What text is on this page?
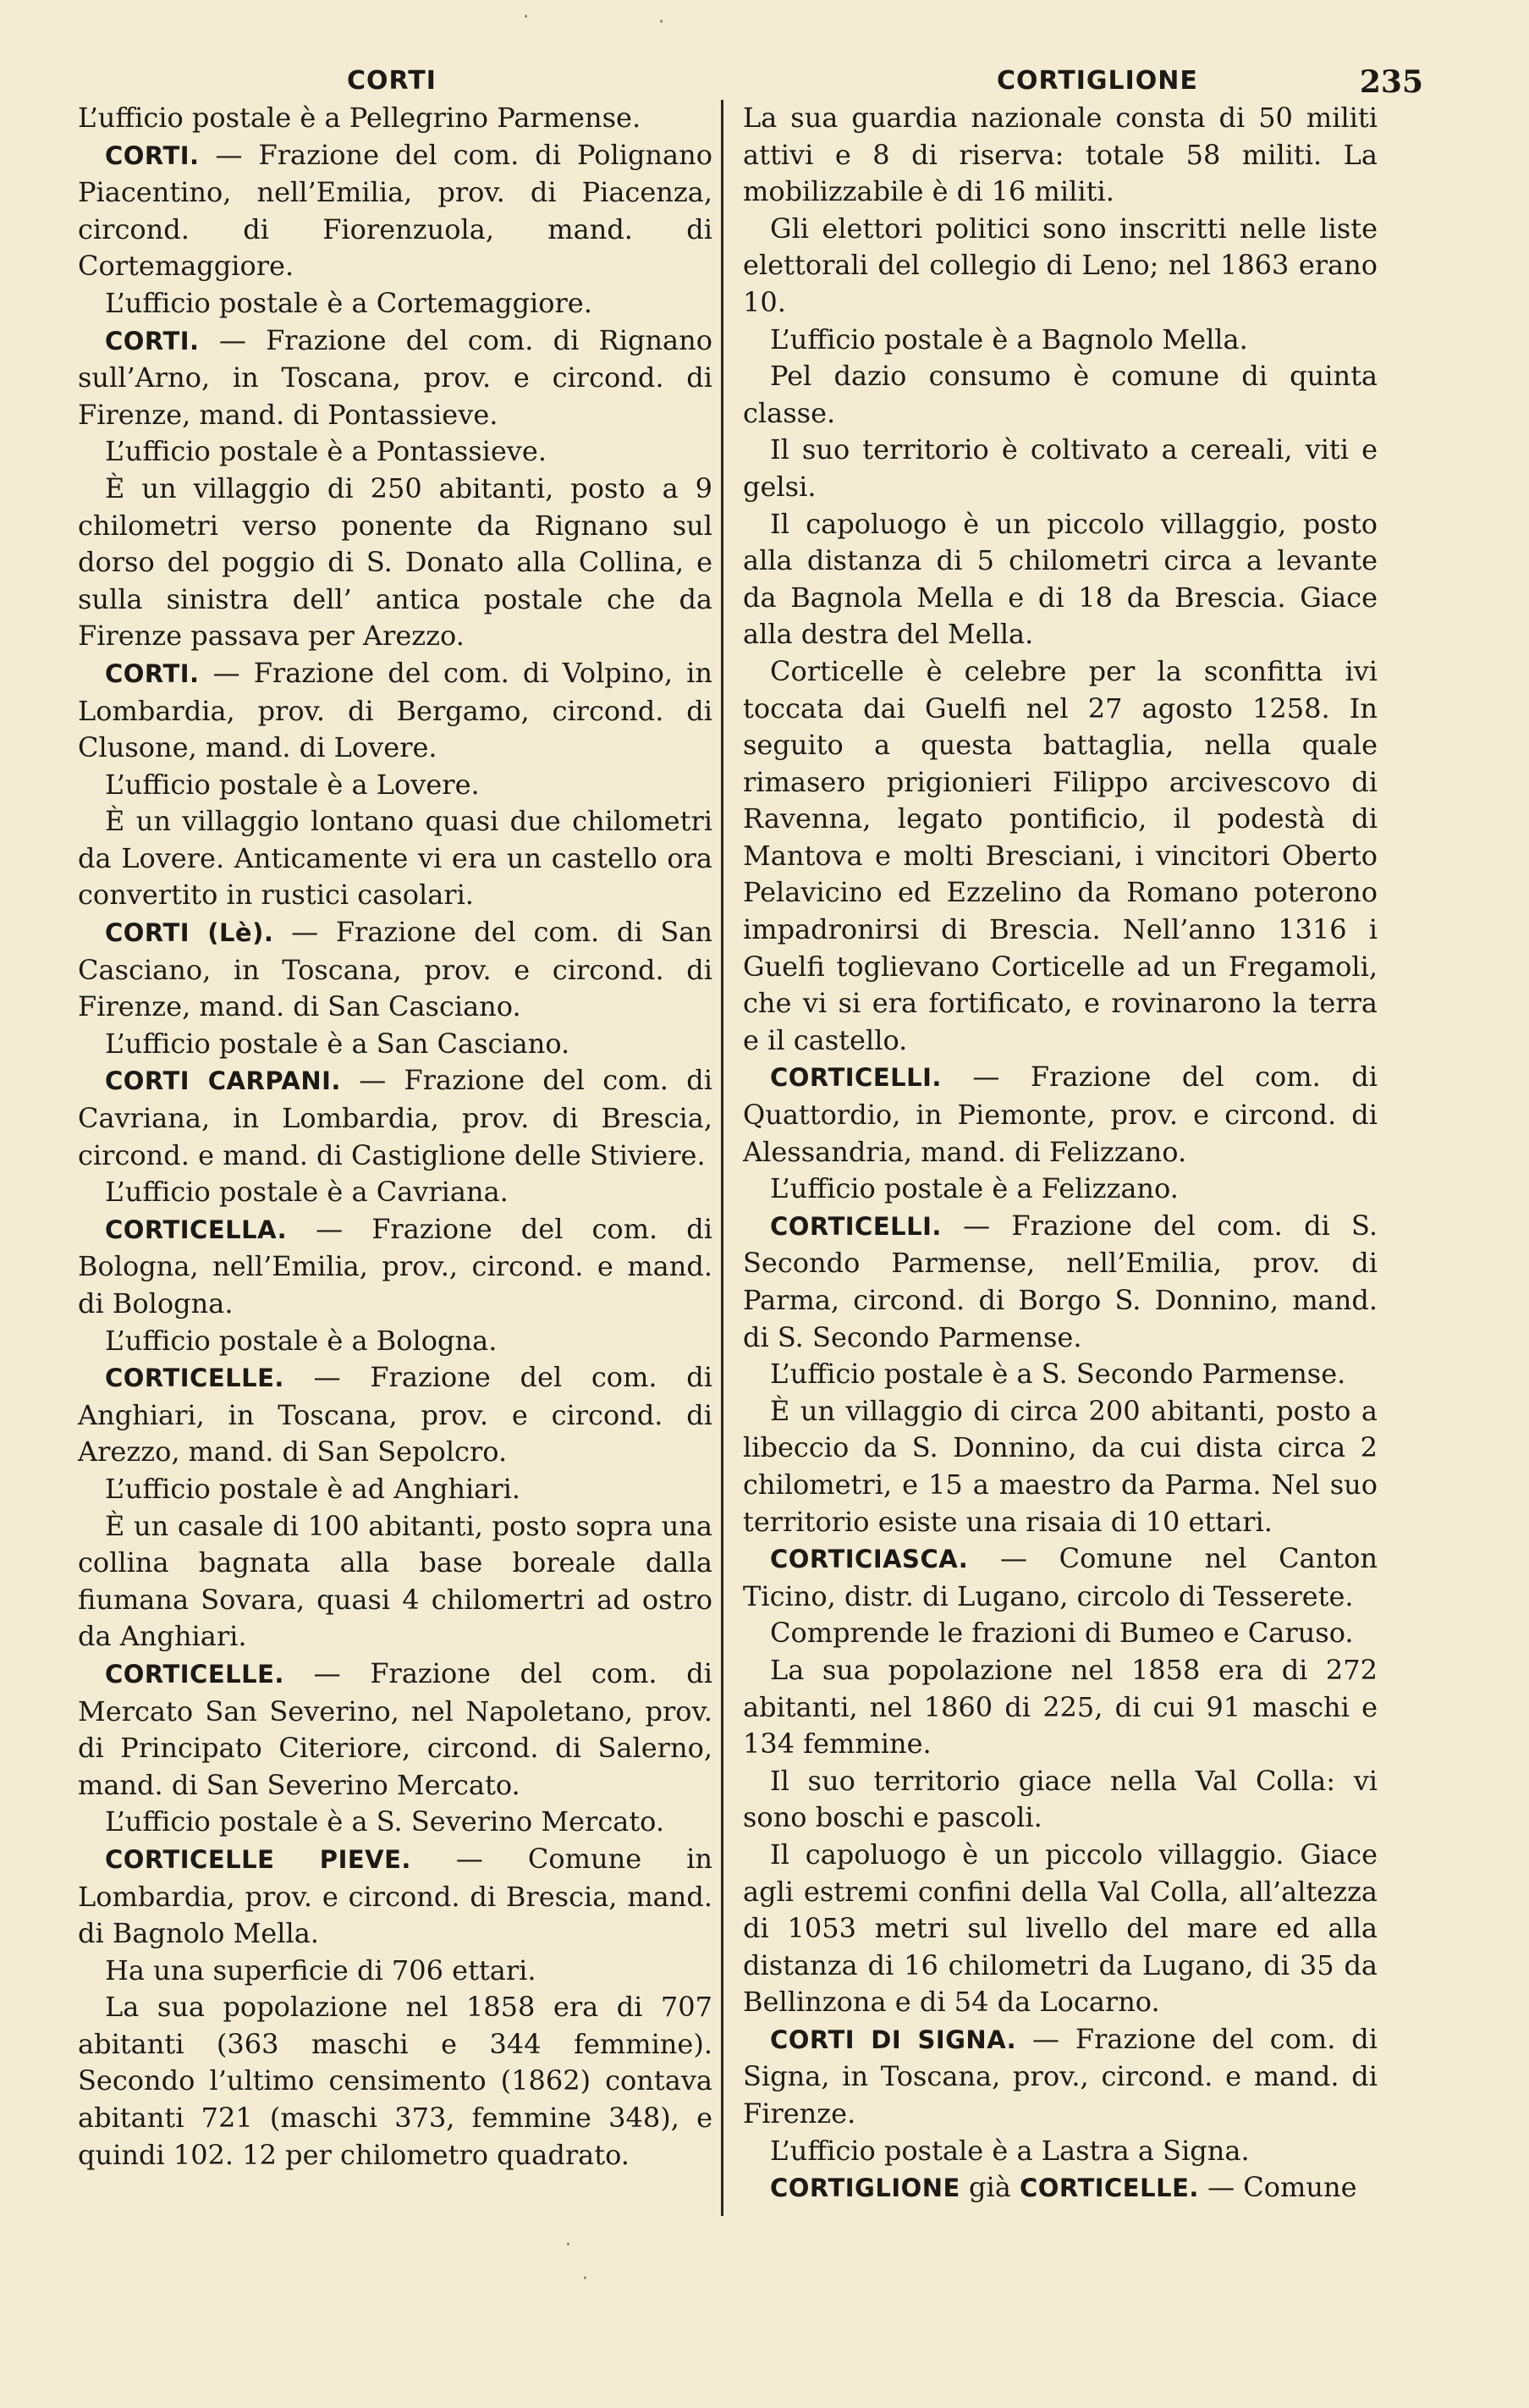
CORTI	CORTIGLIONE	235

L’ufficio postale è a Pellegrino Parmense.

CORTI. — Frazione del com. di Polignano Piacentino, nell’Emilia, prov. di Piacenza, circond. di Fiorenzuola, mand. di Cortemaggiore.

L’ufficio postale è a Cortemaggiore.

CORTI. — Frazione del com. di Rignano sull’Arno, in Toscana, prov. e circond. di Firenze, mand. di Pontassieve.

L’ufficio postale è a Pontassieve.

È un villaggio di 250 abitanti, posto a 9 chilometri verso ponente da Rignano sul dorso del poggio di S. Donato alla Collina, e sulla sinistra dell’ antica postale che da Firenze passava per Arezzo.

CORTI. — Frazione del com. di Volpino, in Lombardia, prov. di Bergamo, circond. di Clusone, mand. di Lovere.

L’ufficio postale è a Lovere.

È un villaggio lontano quasi due chilometri da Lovere. Anticamente vi era un castello ora convertito in rustici casolari.

CORTI (Lè). — Frazione del com. di San Casciano, in Toscana, prov. e circond. di Firenze, mand. di San Casciano.

L’ufficio postale è a San Casciano.

CORTI CARPANI. — Frazione del com. di Cavriana, in Lombardia, prov. di Brescia, circond. e mand. di Castiglione delle Stiviere.

L’ufficio postale è a Cavriana.

CORTICELLA. — Frazione del com. di Bologna, nell’Emilia, prov., circond. e mand. di Bologna.

L’ufficio postale è a Bologna.

CORTICELLE. — Frazione del com. di Anghiari, in Toscana, prov. e circond. di Arezzo, mand. di San Sepolcro.

L’ufficio postale è ad Anghiari.

È un casale di 100 abitanti, posto sopra una collina bagnata alla base boreale dalla fiumana Sovara, quasi 4 chilomertri ad ostro da Anghiari.

CORTICELLE. — Frazione del com. di Mercato San Severino, nel Napoletano, prov. di Principato Citeriore, circond. di Salerno, mand. di San Severino Mercato.

L’ufficio postale è a S. Severino Mercato.

CORTICELLE PIEVE. — Comune in Lombardia, prov. e circond. di Brescia, mand. di Bagnolo Mella.

Ha una superficie di 706 ettari.

La sua popolazione nel 1858 era di 707 abitanti (363 maschi e 344 femmine). Secondo l’ultimo censimento (1862) contava abitanti 721 (maschi 373, femmine 348), e quindi 102. 12 per chilometro quadrato.

La sua guardia nazionale consta di 50 militi attivi e 8 di riserva: totale 58 militi. La mobilizzabile è di 16 militi.

Gli elettori politici sono inscritti nelle liste elettorali del collegio di Leno; nel 1863 erano 10.

L’ufficio postale è a Bagnolo Mella.

Pel dazio consumo è comune di quinta classe.

Il suo territorio è coltivato a cereali, viti e gelsi.

Il capoluogo è un piccolo villaggio, posto alla distanza di 5 chilometri circa a levante da Bagnola Mella e di 18 da Brescia. Giace alla destra del Mella.

Corticelle è celebre per la sconfitta ivi toccata dai Guelfi nel 27 agosto 1258. In seguito a questa battaglia, nella quale rimasero prigionieri Filippo arcivescovo di Ravenna, legato pontificio, il podestà di Mantova e molti Bresciani, i vincitori Oberto Pelavicino ed Ezzelino da Romano poterono impadronirsi di Brescia. Nell’anno 1316 i Guelfi toglievano Corticelle ad un Fregamoli, che vi si era fortificato, e rovinarono la terra e il castello.

CORTICELLI. — Frazione del com. di Quattordio, in Piemonte, prov. e circond. di Alessandria, mand. di Felizzano.

L’ufficio postale è a Felizzano.

CORTICELLI. — Frazione del com. di S. Secondo Parmense, nell’Emilia, prov. di Parma, circond. di Borgo S. Donnino, mand. di S. Secondo Parmense.

L’ufficio postale è a S. Secondo Parmense.

È un villaggio di circa 200 abitanti, posto a libeccio da S. Donnino, da cui dista circa 2 chilometri, e 15 a maestro da Parma. Nel suo territorio esiste una risaia di 10 ettari.

CORTICIASCA. — Comune nel Canton Ticino, distr. di Lugano, circolo di Tesserete.

Comprende le frazioni di Bumeo e Caruso.

La sua popolazione nel 1858 era di 272 abitanti, nel 1860 di 225, di cui 91 maschi e 134 femmine.

Il suo territorio giace nella Val Colla: vi sono boschi e pascoli.

Il capoluogo è un piccolo villaggio. Giace agli estremi confini della Val Colla, all’altezza di 1053 metri sul livello del mare ed alla distanza di 16 chilometri da Lugano, di 35 da Bellinzona e di 54 da Locarno.

CORTI DI SIGNA. — Frazione del com. di Signa, in Toscana, prov., circond. e mand. di Firenze.

L’ufficio postale è a Lastra a Signa.

CORTIGLIONE già CORTICELLE. — Comune

·	·
·
·
